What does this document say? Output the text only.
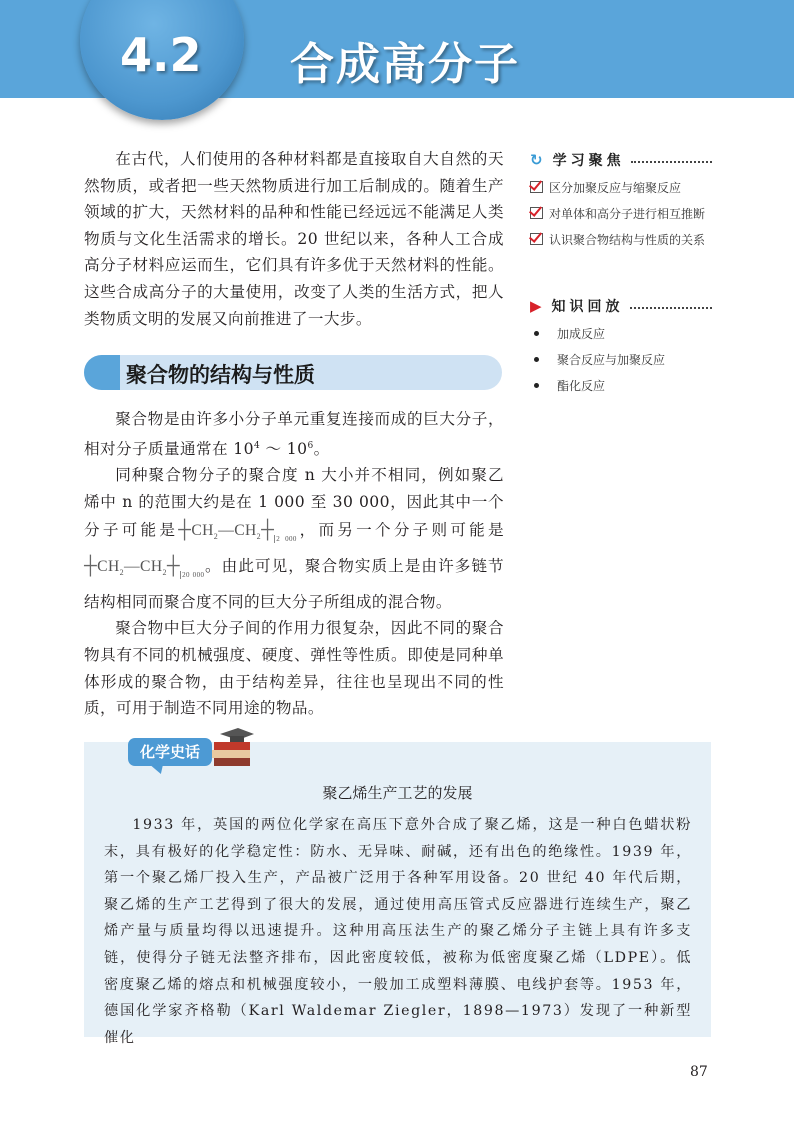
4.2 合成高分子

在古代，人们使用的各种材料都是直接取自大自然的天然物质，或者把一些天然物质进行加工后制成的。随着生产领域的扩大，天然材料的品种和性能已经远远不能满足人类物质与文化生活需求的增长。20 世纪以来，各种人工合成高分子材料应运而生，它们具有许多优于天然材料的性能。这些合成高分子的大量使用，改变了人类的生活方式，把人类物质文明的发展又向前推进了一大步。

聚合物的结构与性质

聚合物是由许多小分子单元重复连接而成的巨大分子，相对分子质量通常在 $10^4$ ～ $10^6$。

同种聚合物分子的聚合度 n 大小并不相同，例如聚乙烯中 n 的范围大约是在 1 000 至 30 000，因此其中一个分子可能是$┼CH_2—CH_2┼$ $_{2 000}$，而另一个分子则可能是$┼CH_2—CH_2┼$ $_{20 000}$。由此可见，聚合物实质上是由许多链节结构相同而聚合度不同的巨大分子所组成的混合物。

聚合物中巨大分子间的作用力很复杂，因此不同的聚合物具有不同的机械强度、硬度、弹性等性质。即使是同种单体形成的聚合物，由于结构差异，往往也呈现出不同的性质，可用于制造不同用途的物品。

↻ 学习聚焦
区分加聚反应与缩聚反应
对单体和高分子进行相互推断
认识聚合物结构与性质的关系
▶ 知识回放
加成反应
聚合反应与加聚反应
酯化反应
化学史话
聚乙烯生产工艺的发展
1933 年，英国的两位化学家在高压下意外合成了聚乙烯，这是一种白色蜡状粉末，具有极好的化学稳定性：防水、无异味、耐碱，还有出色的绝缘性。1939 年，第一个聚乙烯厂投入生产，产品被广泛用于各种军用设备。20 世纪 40 年代后期，聚乙烯的生产工艺得到了很大的发展，通过使用高压管式反应器进行连续生产，聚乙烯产量与质量均得以迅速提升。这种用高压法生产的聚乙烯分子主链上具有许多支链，使得分子链无法整齐排布，因此密度较低，被称为低密度聚乙烯（LDPE）。低密度聚乙烯的熔点和机械强度较小，一般加工成塑料薄膜、电线护套等。1953 年，德国化学家齐格勒（Karl Waldemar Ziegler，1898—1973）发现了一种新型催化
87
